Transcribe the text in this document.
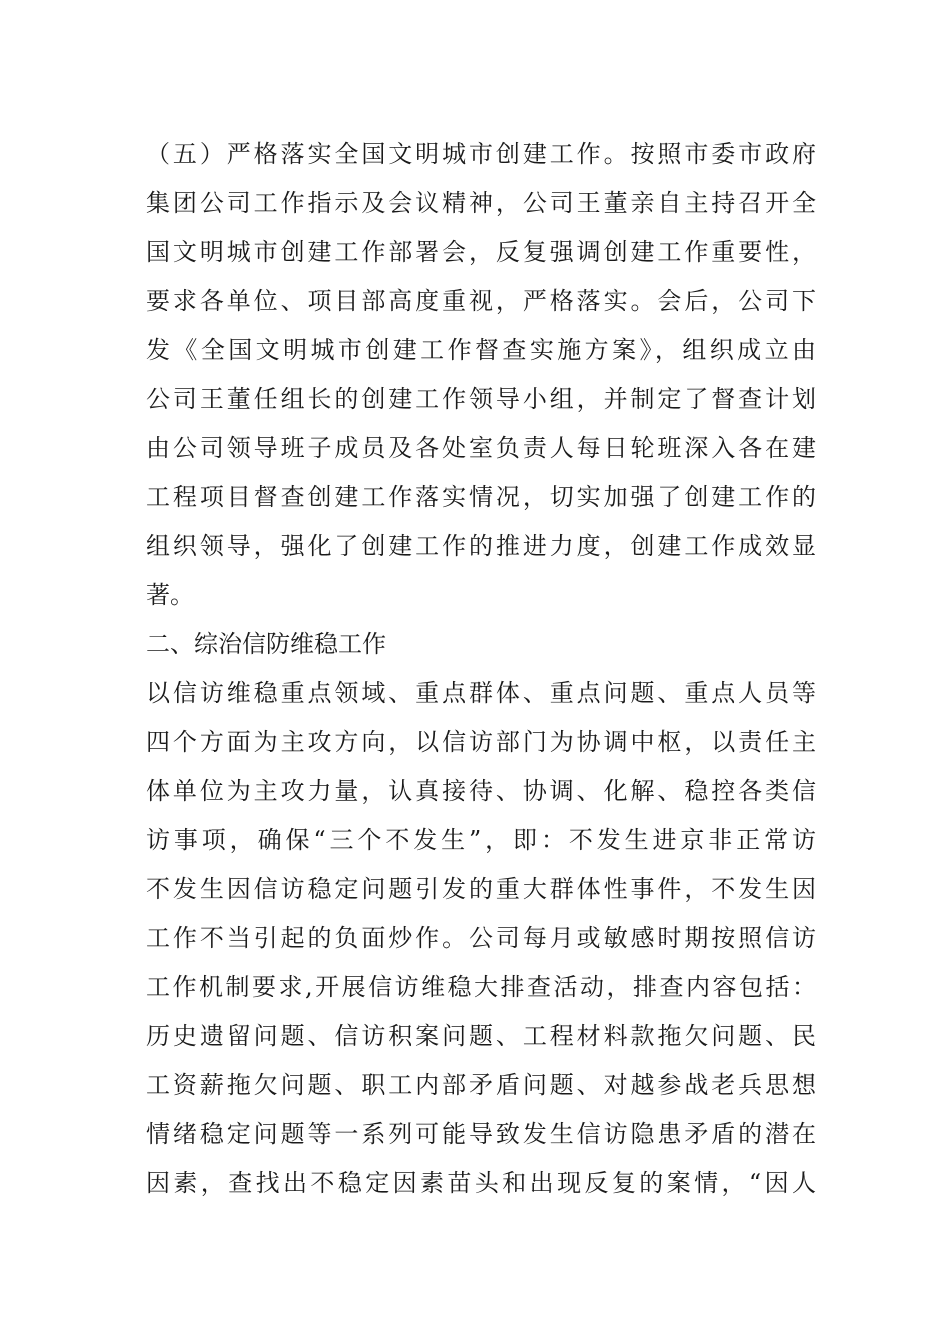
（五）严格落实全国文明城市创建工作。按照市委市政府
集团公司工作指示及会议精神，公司王董亲自主持召开全
国文明城市创建工作部署会，反复强调创建工作重要性，
要求各单位、项目部高度重视，严格落实。会后，公司下
发《全国文明城市创建工作督查实施方案》，组织成立由
公司王董任组长的创建工作领导小组，并制定了督查计划
由公司领导班子成员及各处室负责人每日轮班深入各在建
工程项目督查创建工作落实情况，切实加强了创建工作的
组织领导，强化了创建工作的推进力度，创建工作成效显
著。
二、综治信防维稳工作
以信访维稳重点领域、重点群体、重点问题、重点人员等
四个方面为主攻方向，以信访部门为协调中枢，以责任主
体单位为主攻力量，认真接待、协调、化解、稳控各类信
访事项，确保“三个不发生”，即：不发生进京非正常访
不发生因信访稳定问题引发的重大群体性事件，不发生因
工作不当引起的负面炒作。公司每月或敏感时期按照信访
工作机制要求,开展信访维稳大排查活动，排查内容包括：
历史遗留问题、信访积案问题、工程材料款拖欠问题、民
工资薪拖欠问题、职工内部矛盾问题、对越参战老兵思想
情绪稳定问题等一系列可能导致发生信访隐患矛盾的潜在
因素，查找出不稳定因素苗头和出现反复的案情，“因人
